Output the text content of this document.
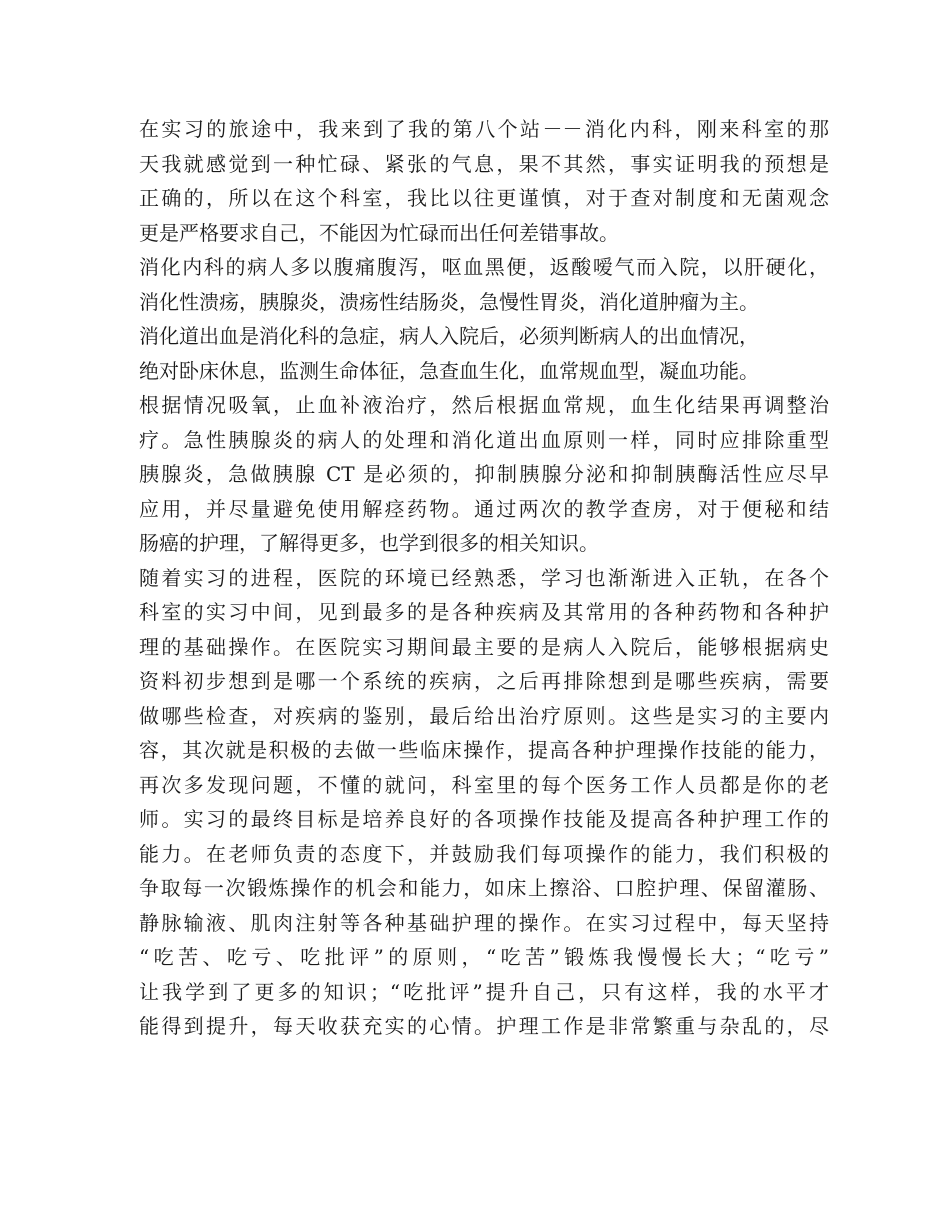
在实习的旅途中，我来到了我的第八个站－－消化内科，刚来科室的那
天我就感觉到一种忙碌、紧张的气息，果不其然，事实证明我的预想是
正确的，所以在这个科室，我比以往更谨慎，对于查对制度和无菌观念
更是严格要求自己，不能因为忙碌而出任何差错事故。
消化内科的病人多以腹痛腹泻，呕血黑便，返酸嗳气而入院，以肝硬化，
消化性溃疡，胰腺炎，溃疡性结肠炎，急慢性胃炎，消化道肿瘤为主。
消化道出血是消化科的急症，病人入院后，必须判断病人的出血情况，
绝对卧床休息，监测生命体征，急查血生化，血常规血型，凝血功能。
根据情况吸氧，止血补液治疗，然后根据血常规，血生化结果再调整治
疗。急性胰腺炎的病人的处理和消化道出血原则一样，同时应排除重型
胰腺炎，急做胰腺 CT 是必须的，抑制胰腺分泌和抑制胰酶活性应尽早
应用，并尽量避免使用解痉药物。通过两次的教学查房，对于便秘和结
肠癌的护理，了解得更多，也学到很多的相关知识。
随着实习的进程，医院的环境已经熟悉，学习也渐渐进入正轨，在各个
科室的实习中间，见到最多的是各种疾病及其常用的各种药物和各种护
理的基础操作。在医院实习期间最主要的是病人入院后，能够根据病史
资料初步想到是哪一个系统的疾病，之后再排除想到是哪些疾病，需要
做哪些检查，对疾病的鉴别，最后给出治疗原则。这些是实习的主要内
容，其次就是积极的去做一些临床操作，提高各种护理操作技能的能力，
再次多发现问题，不懂的就问，科室里的每个医务工作人员都是你的老
师。实习的最终目标是培养良好的各项操作技能及提高各种护理工作的
能力。在老师负责的态度下，并鼓励我们每项操作的能力，我们积极的
争取每一次锻炼操作的机会和能力，如床上擦浴、口腔护理、保留灌肠、
静脉输液、肌肉注射等各种基础护理的操作。在实习过程中，每天坚持
“吃苦、吃亏、吃批评”的原则，“吃苦”锻炼我慢慢长大；“吃亏”
让我学到了更多的知识；“吃批评”提升自己，只有这样，我的水平才
能得到提升，每天收获充实的心情。护理工作是非常繁重与杂乱的，尽
